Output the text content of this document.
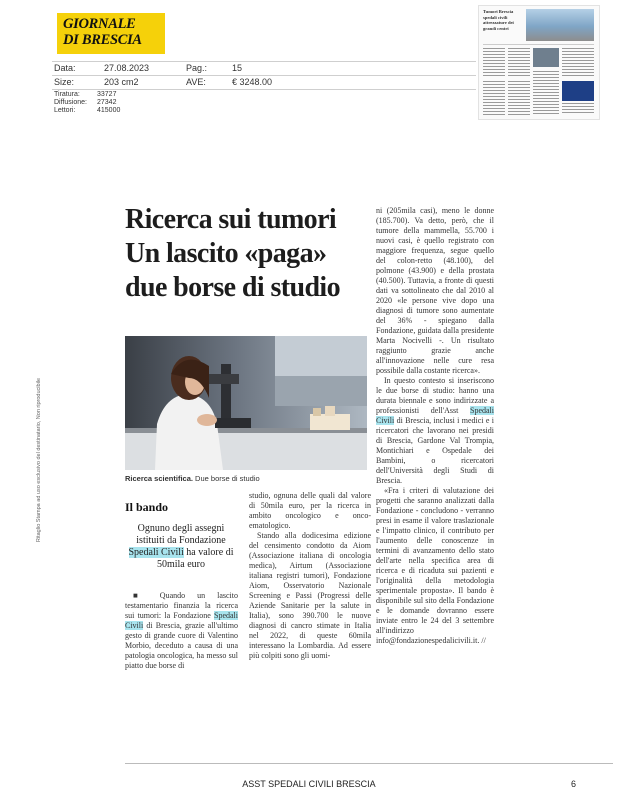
GIORNALE
DI BRESCIA
Data:	27.08.2023	Pag.:	15
Size:	203 cm2	AVE:	€ 3248.00
Tiratura: 33727
Diffusione: 27342
Lettori:	415000
Tumori Brescia spedali civili attrezzature dei grandi centri
Ritaglio Stampa ad uso esclusivo del destinatario, Non riproducibile
Ricerca sui tumori
Un lascito «paga»
due borse di studio
Ricerca scientifica. Due borse di studio
Il bando
Ognuno degli assegni istituiti da Fondazione Spedali Civili ha valore di 50mila euro

■ Quando un lascito testamentario finanzia la ricerca sui tumori: la Fondazione Spedali Civili di Brescia, grazie all'ultimo gesto di grande cuore di Valentino Morbio, deceduto a causa di una patologia oncologica, ha messo sul piatto due borse di

studio, ognuna delle quali dal valore di 50mila euro, per la ricerca in ambito oncologico e onco-ematologico.

Stando alla dodicesima edizione del censimento condotto da Aiom (Associazione italiana di oncologia medica), Airtum (Associazione italiana registri tumori), Fondazione Aiom, Osservatorio Nazionale Screening e Passi (Progressi delle Aziende Sanitarie per la salute in Italia), sono 390.700 le nuove diagnosi di cancro stimate in Italia nel 2022, di queste 60mila interessano la Lombardia. Ad essere più colpiti sono gli uomi-

ni (205mila casi), meno le donne (185.700). Va detto, però, che il tumore della mammella, 55.700 i nuovi casi, è quello registrato con maggiore frequenza, segue quello del colon-retto (48.100), del polmone (43.900) e della prostata (40.500). Tuttavia, a fronte di questi dati va sottolineato che dal 2010 al 2020 «le persone vive dopo una diagnosi di tumore sono aumentate del 36% - spiegano dalla Fondazione, guidata dalla presidente Marta Nocivelli -. Un risultato raggiunto grazie anche all'innovazione nelle cure resa possibile dalla costante ricerca».

In questo contesto si inseriscono le due borse di studio: hanno una durata biennale e sono indirizzate a professionisti dell'Asst Spedali Civili di Brescia, inclusi i medici e i ricercatori che lavorano nei presidi di Brescia, Gardone Val Trompia, Montichiari e Ospedale dei Bambini, o ricercatori dell'Università degli Studi di Brescia.

«Fra i criteri di valutazione dei progetti che saranno analizzati dalla Fondazione - concludono - verranno presi in esame il valore traslazionale e l'impatto clinico, il contributo per l'aumento delle conoscenze in termini di avanzamento dello stato dell'arte nella specifica area di ricerca e di ricaduta sui pazienti e l'originalità della metodologia sperimentale proposta». Il bando è disponibile sul sito della Fondazione e le domande dovranno essere inviate entro le 24 del 3 settembre all'indirizzo info@fondazionespedalicivili.it. //

ASST SPEDALI CIVILI BRESCIA	6
